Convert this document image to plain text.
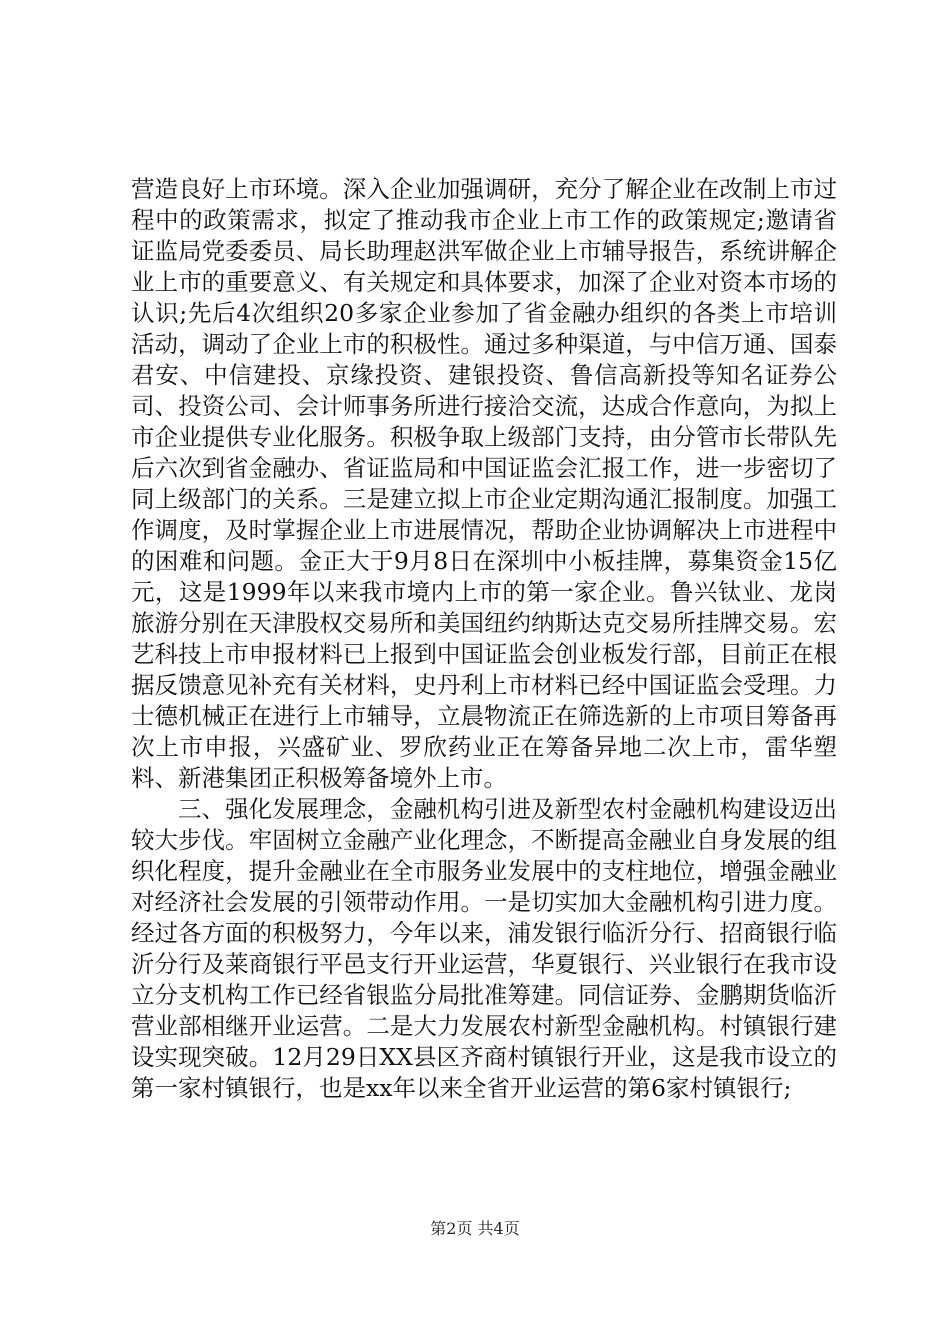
营造良好上市环境。深入企业加强调研，充分了解企业在改制上市过程中的政策需求，拟定了推动我市企业上市工作的政策规定;邀请省证监局党委委员、局长助理赵洪军做企业上市辅导报告，系统讲解企业上市的重要意义、有关规定和具体要求，加深了企业对资本市场的认识;先后4次组织20多家企业参加了省金融办组织的各类上市培训活动，调动了企业上市的积极性。通过多种渠道，与中信万通、国泰君安、中信建投、京缘投资、建银投资、鲁信高新投等知名证券公司、投资公司、会计师事务所进行接洽交流，达成合作意向，为拟上市企业提供专业化服务。积极争取上级部门支持，由分管市长带队先后六次到省金融办、省证监局和中国证监会汇报工作，进一步密切了同上级部门的关系。三是建立拟上市企业定期沟通汇报制度。加强工作调度，及时掌握企业上市进展情况，帮助企业协调解决上市进程中的困难和问题。金正大于9月8日在深圳中小板挂牌，募集资金15亿元，这是1999年以来我市境内上市的第一家企业。鲁兴钛业、龙岗旅游分别在天津股权交易所和美国纽约纳斯达克交易所挂牌交易。宏艺科技上市申报材料已上报到中国证监会创业板发行部，目前正在根据反馈意见补充有关材料，史丹利上市材料已经中国证监会受理。力士德机械正在进行上市辅导，立晨物流正在筛选新的上市项目筹备再次上市申报，兴盛矿业、罗欣药业正在筹备异地二次上市，雷华塑料、新港集团正积极筹备境外上市。

三、强化发展理念，金融机构引进及新型农村金融机构建设迈出较大步伐。牢固树立金融产业化理念，不断提高金融业自身发展的组织化程度，提升金融业在全市服务业发展中的支柱地位，增强金融业对经济社会发展的引领带动作用。一是切实加大金融机构引进力度。经过各方面的积极努力，今年以来，浦发银行临沂分行、招商银行临沂分行及莱商银行平邑支行开业运营，华夏银行、兴业银行在我市设立分支机构工作已经省银监分局批准筹建。同信证券、金鹏期货临沂营业部相继开业运营。二是大力发展农村新型金融机构。村镇银行建设实现突破。12月29日XX县区齐商村镇银行开业，这是我市设立的第一家村镇银行，也是xx年以来全省开业运营的第6家村镇银行;

第2页 共4页
